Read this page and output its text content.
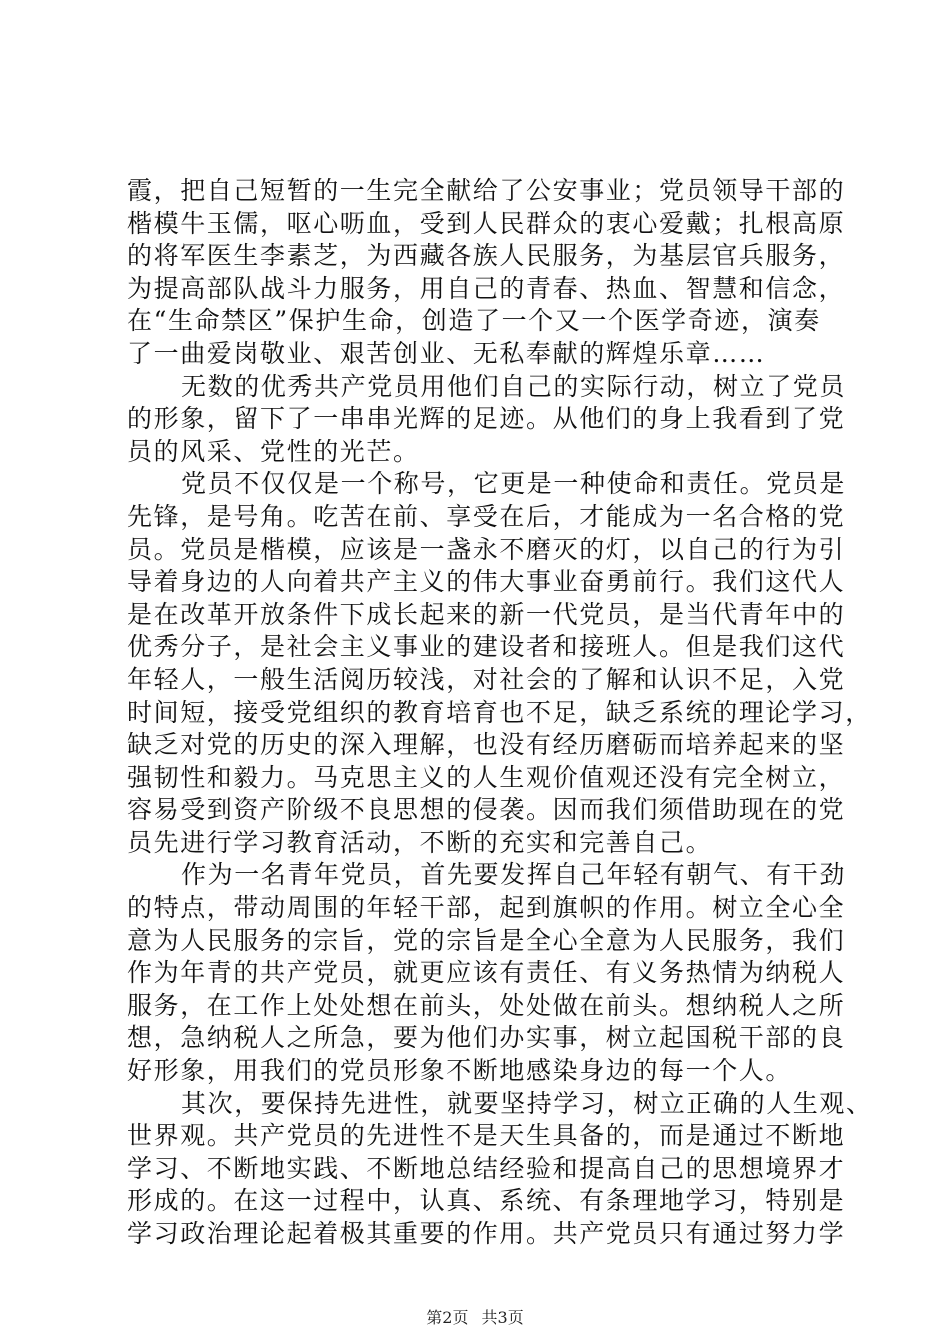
霞，把自己短暂的一生完全献给了公安事业；党员领导干部的
楷模牛玉儒，呕心呖血，受到人民群众的衷心爱戴；扎根高原
的将军医生李素芝，为西藏各族人民服务，为基层官兵服务，
为提高部队战斗力服务，用自己的青春、热血、智慧和信念，
在“生命禁区”保护生命，创造了一个又一个医学奇迹，演奏
了一曲爱岗敬业、艰苦创业、无私奉献的辉煌乐章……
无数的优秀共产党员用他们自己的实际行动，树立了党员
的形象，留下了一串串光辉的足迹。从他们的身上我看到了党
员的风采、党性的光芒。
党员不仅仅是一个称号，它更是一种使命和责任。党员是
先锋，是号角。吃苦在前、享受在后，才能成为一名合格的党
员。党员是楷模，应该是一盏永不磨灭的灯，以自己的行为引
导着身边的人向着共产主义的伟大事业奋勇前行。我们这代人
是在改革开放条件下成长起来的新一代党员，是当代青年中的
优秀分子，是社会主义事业的建设者和接班人。但是我们这代
年轻人，一般生活阅历较浅，对社会的了解和认识不足，入党
时间短，接受党组织的教育培育也不足，缺乏系统的理论学习，
缺乏对党的历史的深入理解，也没有经历磨砺而培养起来的坚
强韧性和毅力。马克思主义的人生观价值观还没有完全树立，
容易受到资产阶级不良思想的侵袭。因而我们须借助现在的党
员先进行学习教育活动，不断的充实和完善自己。
作为一名青年党员，首先要发挥自己年轻有朝气、有干劲
的特点，带动周围的年轻干部，起到旗帜的作用。树立全心全
意为人民服务的宗旨，党的宗旨是全心全意为人民服务，我们
作为年青的共产党员，就更应该有责任、有义务热情为纳税人
服务，在工作上处处想在前头，处处做在前头。想纳税人之所
想，急纳税人之所急，要为他们办实事，树立起国税干部的良
好形象，用我们的党员形象不断地感染身边的每一个人。
其次，要保持先进性，就要坚持学习，树立正确的人生观、
世界观。共产党员的先进性不是天生具备的，而是通过不断地
学习、不断地实践、不断地总结经验和提高自己的思想境界才
形成的。在这一过程中，认真、系统、有条理地学习，特别是
学习政治理论起着极其重要的作用。共产党员只有通过努力学
第2页 共3页
